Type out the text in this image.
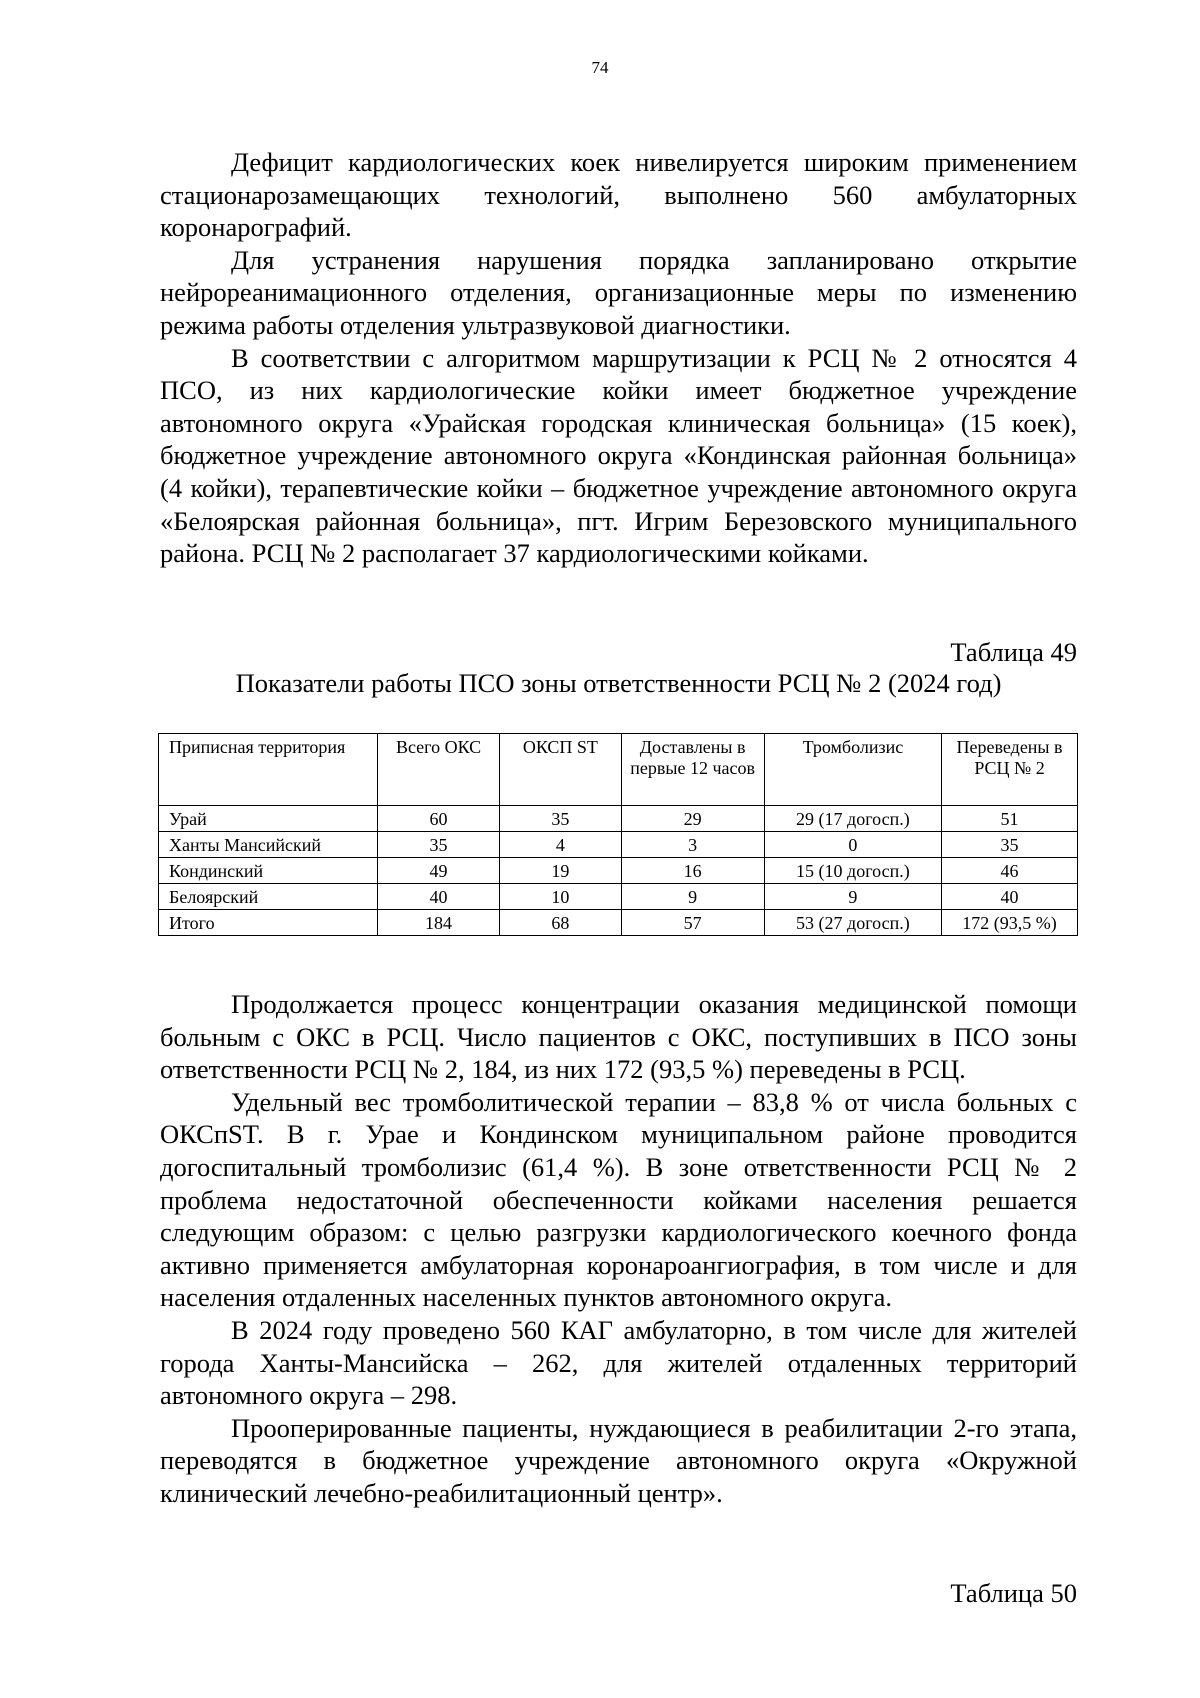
74

Дефицит кардиологических коек нивелируется широким применением стационарозамещающих технологий, выполнено 560 амбулаторных коронарографий.

Для устранения нарушения порядка запланировано открытие нейрореанимационного отделения, организационные меры по изменению режима работы отделения ультразвуковой диагностики.

В соответствии с алгоритмом маршрутизации к РСЦ № 2 относятся 4 ПСО, из них кардиологические койки имеет бюджетное учреждение автономного округа «Урайская городская клиническая больница» (15 коек), бюджетное учреждение автономного округа «Кондинская районная больница» (4 койки), терапевтические койки – бюджетное учреждение автономного округа «Белоярская районная больница», пгт. Игрим Березовского муниципального района. РСЦ № 2 располагает 37 кардиологическими койками.

Таблица 49
Показатели работы ПСО зоны ответственности РСЦ № 2 (2024 год)
Приписная территория	Всего ОКС	ОКСП ST	Доставлены в первые 12 часов	Тромболизис	Переведены в РСЦ № 2
Урай	60	35	29	29 (17 догосп.)	51
Ханты Мансийский	35	4	3	0	35
Кондинский	49	19	16	15 (10 догосп.)	46
Белоярский	40	10	9	9	40
Итого	184	68	57	53 (27 догосп.)	172 (93,5 %)

Продолжается процесс концентрации оказания медицинской помощи больным с ОКС в РСЦ. Число пациентов с ОКС, поступивших в ПСО зоны ответственности РСЦ № 2, 184, из них 172 (93,5 %) переведены в РСЦ.

Удельный вес тромболитической терапии – 83,8 % от числа больных с ОКСпST. В г. Урае и Кондинском муниципальном районе проводится догоспитальный тромболизис (61,4 %). В зоне ответственности РСЦ № 2 проблема недостаточной обеспеченности койками населения решается следующим образом: с целью разгрузки кардиологического коечного фонда активно применяется амбулаторная коронароангиография, в том числе и для населения отдаленных населенных пунктов автономного округа.

В 2024 году проведено 560 КАГ амбулаторно, в том числе для жителей города Ханты-Мансийска – 262, для жителей отдаленных территорий автономного округа – 298.

Прооперированные пациенты, нуждающиеся в реабилитации 2-го этапа, переводятся в бюджетное учреждение автономного округа «Окружной клинический лечебно-реабилитационный центр».

Таблица 50
